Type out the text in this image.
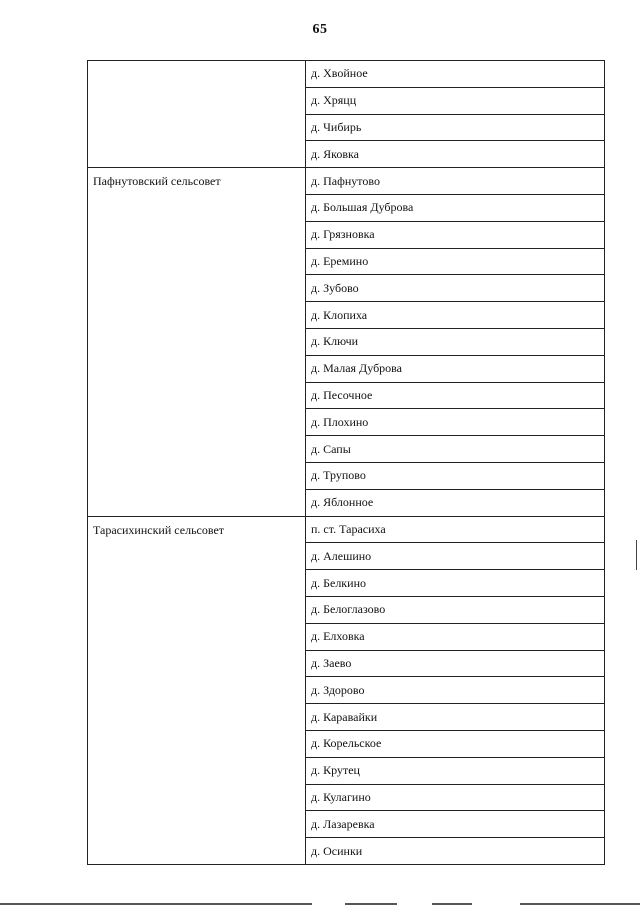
65
	д. Хвойное
	д. Хряцц
	д. Чибирь
	д. Яковка
Пафнутовский сельсовет	д. Пафнутово
	д. Большая Дуброва
	д. Грязновка
	д. Еремино
	д. Зубово
	д. Клопиха
	д. Ключи
	д. Малая Дуброва
	д. Песочное
	д. Плохино
	д. Сапы
	д. Трупово
	д. Яблонное
Тарасихинский сельсовет	п. ст. Тарасиха
	д. Алешино
	д. Белкино
	д. Белоглазово
	д. Елховка
	д. Заево
	д. Здорово
	д. Каравайки
	д. Корельское
	д. Крутец
	д. Кулагино
	д. Лазаревка
	д. Осинки
